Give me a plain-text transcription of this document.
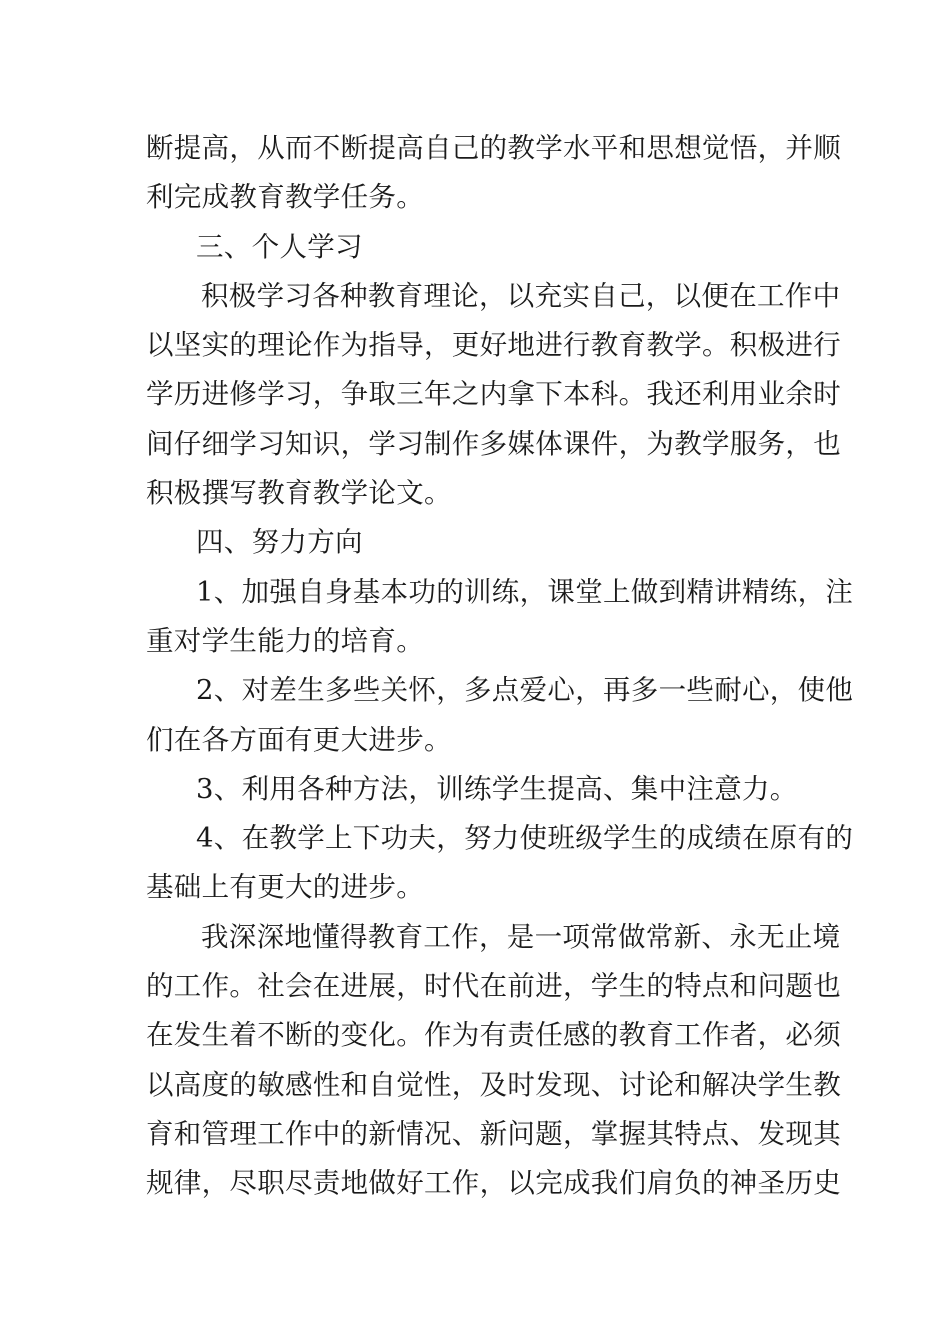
断提高，从而不断提高自己的教学水平和思想觉悟，并顺
利完成教育教学任务。
三、个人学习
积极学习各种教育理论，以充实自己，以便在工作中
以坚实的理论作为指导，更好地进行教育教学。积极进行
学历进修学习，争取三年之内拿下本科。我还利用业余时
间仔细学习知识，学习制作多媒体课件，为教学服务，也
积极撰写教育教学论文。
四、努力方向
1、加强自身基本功的训练，课堂上做到精讲精练，注
重对学生能力的培育。
2、对差生多些关怀，多点爱心，再多一些耐心，使他
们在各方面有更大进步。
3、利用各种方法，训练学生提高、集中注意力。
4、在教学上下功夫，努力使班级学生的成绩在原有的
基础上有更大的进步。
我深深地懂得教育工作，是一项常做常新、永无止境
的工作。社会在进展，时代在前进，学生的特点和问题也
在发生着不断的变化。作为有责任感的教育工作者，必须
以高度的敏感性和自觉性，及时发现、讨论和解决学生教
育和管理工作中的新情况、新问题，掌握其特点、发现其
规律，尽职尽责地做好工作，以完成我们肩负的神圣历史
